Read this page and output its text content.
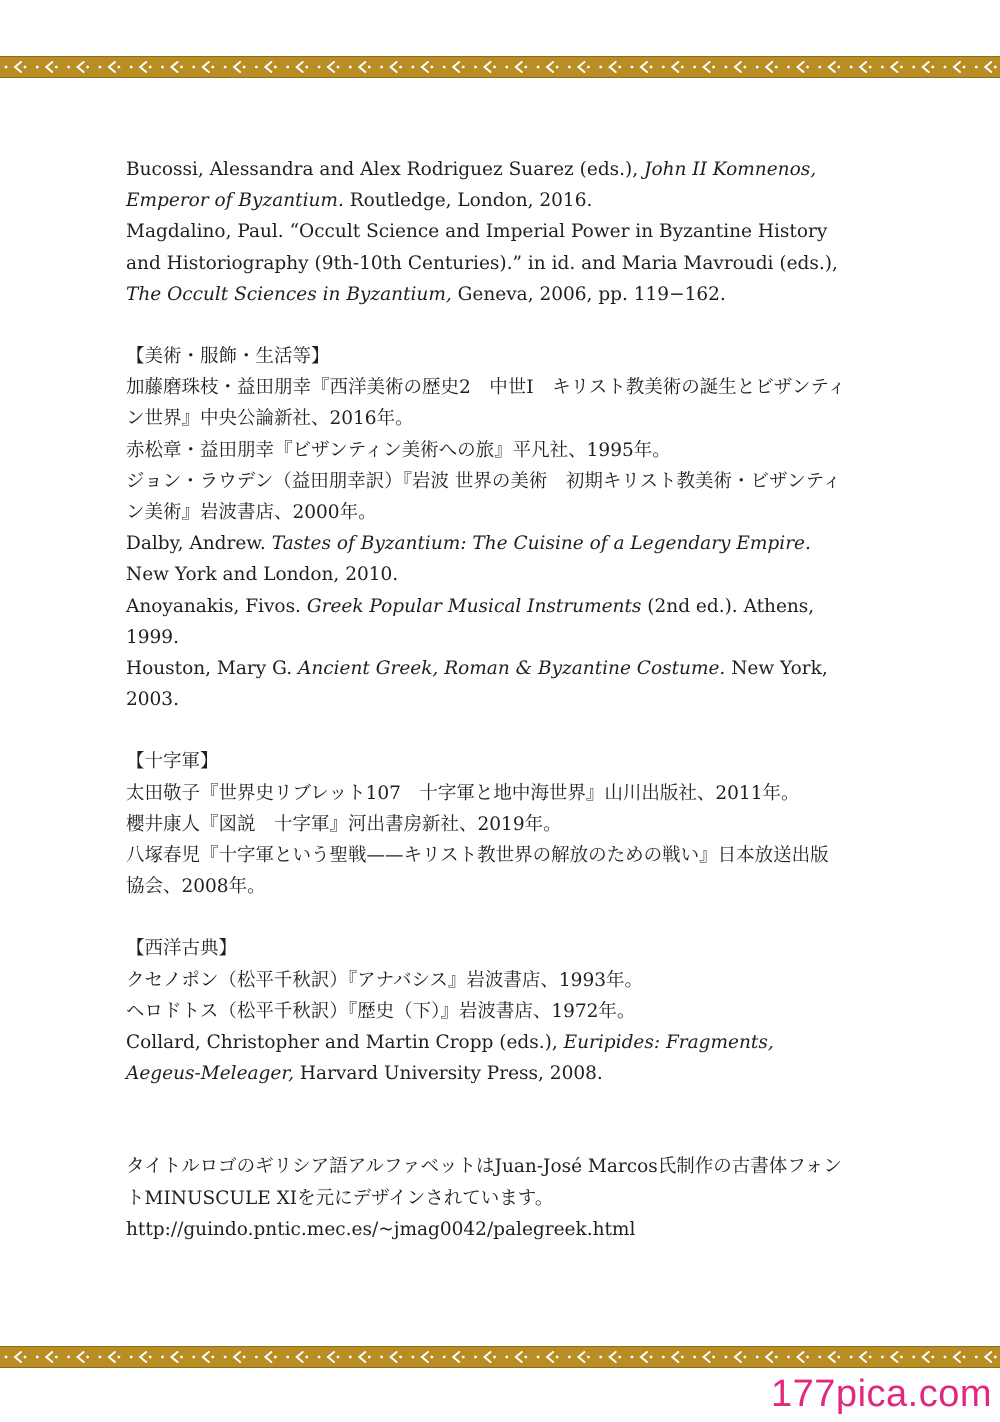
Bucossi, Alessandra and Alex Rodriguez Suarez (eds.), John II Komnenos, Emperor of Byzantium. Routledge, London, 2016.

Magdalino, Paul. “Occult Science and Imperial Power in Byzantine History and Historiography (9th-10th Centuries).” in id. and Maria Mavroudi (eds.), The Occult Sciences in Byzantium, Geneva, 2006, pp. 119−162.

【美術・服飾・生活等】

加藤磨珠枝・益田朋幸『西洋美術の歴史2　中世Ⅰ　キリスト教美術の誕生とビザンティン世界』中央公論新社、2016年。

赤松章・益田朋幸『ビザンティン美術への旅』平凡社、1995年。

ジョン・ラウデン（益田朋幸訳）『岩波 世界の美術　初期キリスト教美術・ビザンティン美術』岩波書店、2000年。

Dalby, Andrew. Tastes of Byzantium: The Cuisine of a Legendary Empire. New York and London, 2010.

Anoyanakis, Fivos. Greek Popular Musical Instruments (2nd ed.). Athens, 1999.

Houston, Mary G. Ancient Greek, Roman & Byzantine Costume. New York, 2003.

【十字軍】

太田敬子『世界史リブレット107　十字軍と地中海世界』山川出版社、2011年。

櫻井康人『図説　十字軍』河出書房新社、2019年。

八塚春児『十字軍という聖戦——キリスト教世界の解放のための戦い』日本放送出版協会、2008年。

【西洋古典】

クセノポン（松平千秋訳）『アナバシス』岩波書店、1993年。

ヘロドトス（松平千秋訳）『歴史（下）』岩波書店、1972年。

Collard, Christopher and Martin Cropp (eds.), Euripides: Fragments, Aegeus-Meleager, Harvard University Press, 2008.

タイトルロゴのギリシア語アルファベットはJuan-José Marcos氏制作の古書体フォントMINUSCULE XIを元にデザインされています。

http://guindo.pntic.mec.es/~jmag0042/palegreek.html

177pica.com
